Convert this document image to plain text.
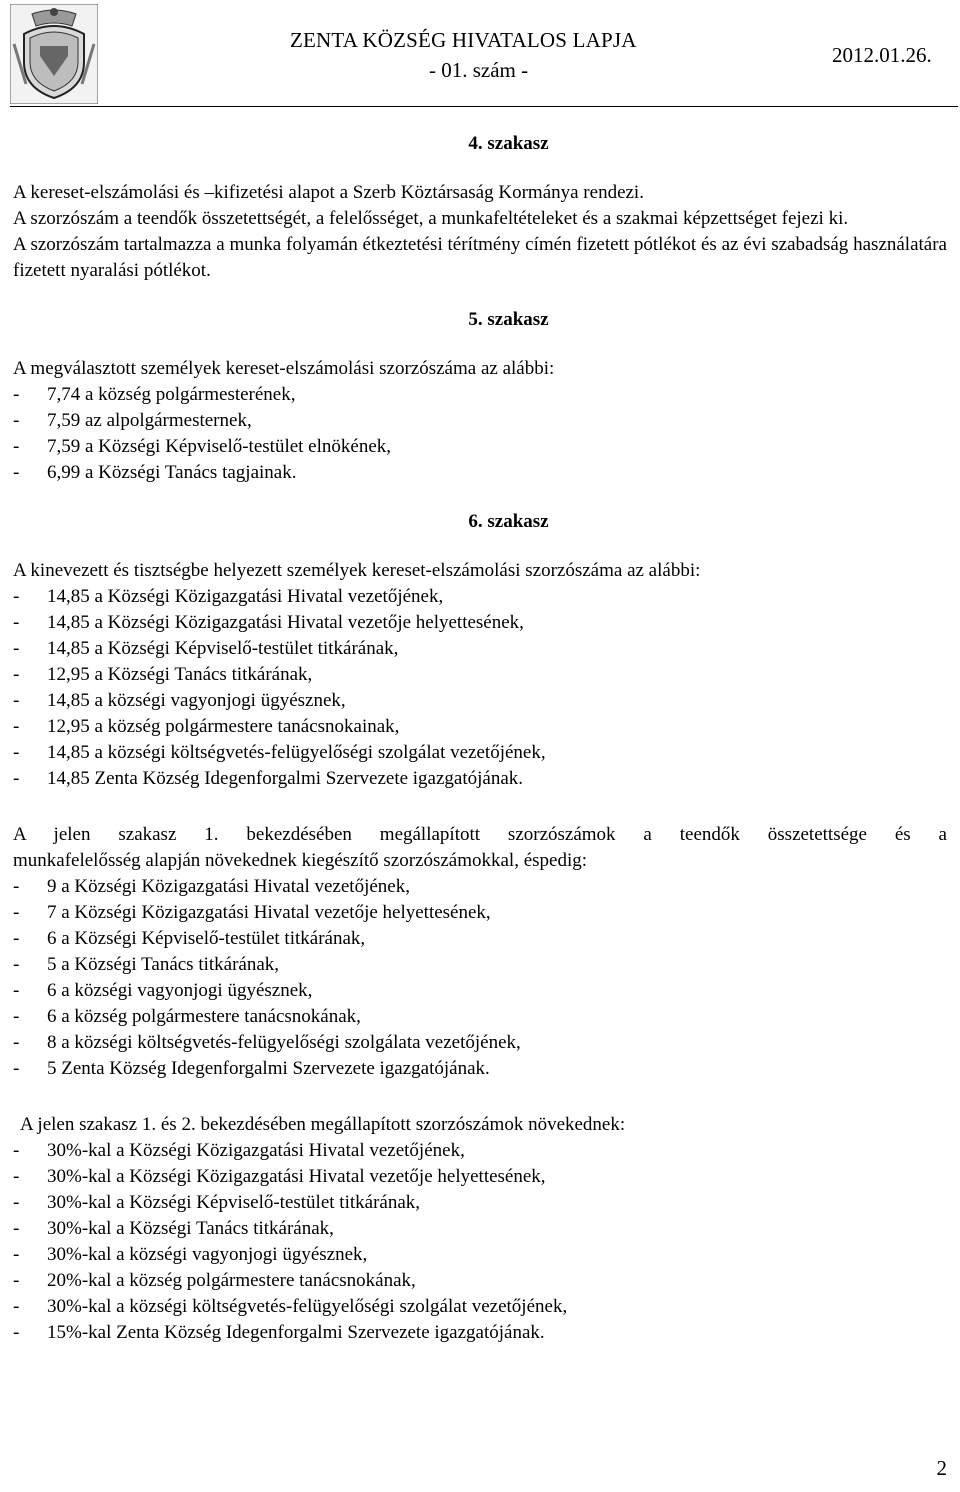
ZENTA KÖZSÉG HIVATALOS LAPJA
- 01. szám -
2012.01.26.
4. szakasz

A kereset-elszámolási és –kifizetési alapot a Szerb Köztársaság Kormánya rendezi.

A szorzószám a teendők összetettségét, a felelősséget, a munkafeltételeket és a szakmai képzettséget fejezi ki.

A szorzószám tartalmazza a munka folyamán étkeztetési térítmény címén fizetett pótlékot és az évi szabadság használatára fizetett nyaralási pótlékot.

5. szakasz

A megválasztott személyek kereset-elszámolási szorzószáma az alábbi:

-	7,74 a község polgármesterének,
-	7,59 az alpolgármesternek,
-	7,59 a Községi Képviselő-testület elnökének,
-	6,99 a Községi Tanács tagjainak.
6. szakasz

A kinevezett és tisztségbe helyezett személyek kereset-elszámolási szorzószáma az alábbi:

-	14,85 a Községi Közigazgatási Hivatal vezetőjének,
-	14,85 a Községi Közigazgatási Hivatal vezetője helyettesének,
-	14,85 a Községi Képviselő-testület titkárának,
-	12,95 a Községi Tanács titkárának,
-	14,85 a községi vagyonjogi ügyésznek,
-	12,95 a község polgármestere tanácsnokainak,
-	14,85 a községi költségvetés-felügyelőségi szolgálat vezetőjének,
-	14,85 Zenta Község Idegenforgalmi Szervezete igazgatójának.

A jelen szakasz 1. bekezdésében megállapított szorzószámok a teendők összetettsége és a

munkafelelősség alapján növekednek kiegészítő szorzószámokkal, éspedig:

-	9 a Községi Közigazgatási Hivatal vezetőjének,
-	7 a Községi Közigazgatási Hivatal vezetője helyettesének,
-	6 a Községi Képviselő-testület titkárának,
-	5 a Községi Tanács titkárának,
-	6 a községi vagyonjogi ügyésznek,
-	6 a község polgármestere tanácsnokának,
-	8 a községi költségvetés-felügyelőségi szolgálata vezetőjének,
-	5 Zenta Község Idegenforgalmi Szervezete igazgatójának.

A jelen szakasz 1. és 2. bekezdésében megállapított szorzószámok növekednek:

-	30%-kal a Községi Közigazgatási Hivatal vezetőjének,
-	30%-kal a Községi Közigazgatási Hivatal vezetője helyettesének,
-	30%-kal a Községi Képviselő-testület titkárának,
-	30%-kal a Községi Tanács titkárának,
-	30%-kal a községi vagyonjogi ügyésznek,
-	20%-kal a község polgármestere tanácsnokának,
-	30%-kal a községi költségvetés-felügyelőségi szolgálat vezetőjének,
-	15%-kal Zenta Község Idegenforgalmi Szervezete igazgatójának.
2
